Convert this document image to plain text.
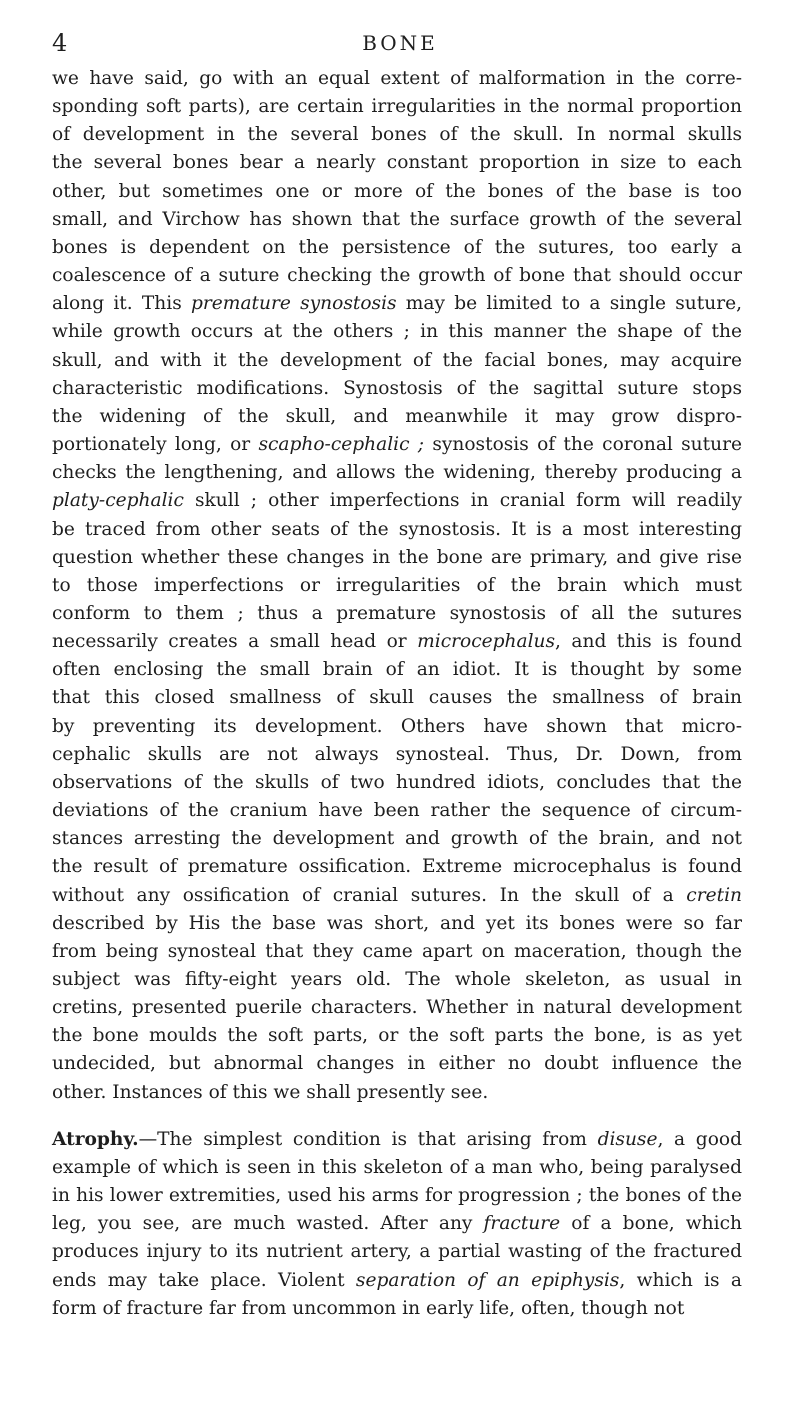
4	BONE

we have said, go with an equal extent of malformation in the corre-
sponding soft parts), are certain irregularities in the normal proportion
of development in the several bones of the skull. In normal skulls
the several bones bear a nearly constant proportion in size to each
other, but sometimes one or more of the bones of the base is too
small, and Virchow has shown that the surface growth of the several
bones is dependent on the persistence of the sutures, too early a
coalescence of a suture checking the growth of bone that should occur
along it. This premature synostosis may be limited to a single suture,
while growth occurs at the others ; in this manner the shape of the
skull, and with it the development of the facial bones, may acquire
characteristic modifications. Synostosis of the sagittal suture stops
the widening of the skull, and meanwhile it may grow dispro-
portionately long, or scapho-cephalic ; synostosis of the coronal suture
checks the lengthening, and allows the widening, thereby producing a
platy-cephalic skull ; other imperfections in cranial form will readily
be traced from other seats of the synostosis. It is a most interesting
question whether these changes in the bone are primary, and give rise
to those imperfections or irregularities of the brain which must
conform to them ; thus a premature synostosis of all the sutures
necessarily creates a small head or microcephalus, and this is found
often enclosing the small brain of an idiot. It is thought by some
that this closed smallness of skull causes the smallness of brain
by preventing its development. Others have shown that micro-
cephalic skulls are not always synosteal. Thus, Dr. Down, from
observations of the skulls of two hundred idiots, concludes that the
deviations of the cranium have been rather the sequence of circum-
stances arresting the development and growth of the brain, and not
the result of premature ossification. Extreme microcephalus is found
without any ossification of cranial sutures. In the skull of a cretin
described by His the base was short, and yet its bones were so far
from being synosteal that they came apart on maceration, though the
subject was fifty-eight years old. The whole skeleton, as usual in
cretins, presented puerile characters. Whether in natural development
the bone moulds the soft parts, or the soft parts the bone, is as yet
undecided, but abnormal changes in either no doubt influence the
other. Instances of this we shall presently see.

Atrophy.—The simplest condition is that arising from disuse, a good
example of which is seen in this skeleton of a man who, being paralysed
in his lower extremities, used his arms for progression ; the bones of the
leg, you see, are much wasted. After any fracture of a bone, which
produces injury to its nutrient artery, a partial wasting of the fractured
ends may take place. Violent separation of an epiphysis, which is a
form of fracture far from uncommon in early life, often, though not
